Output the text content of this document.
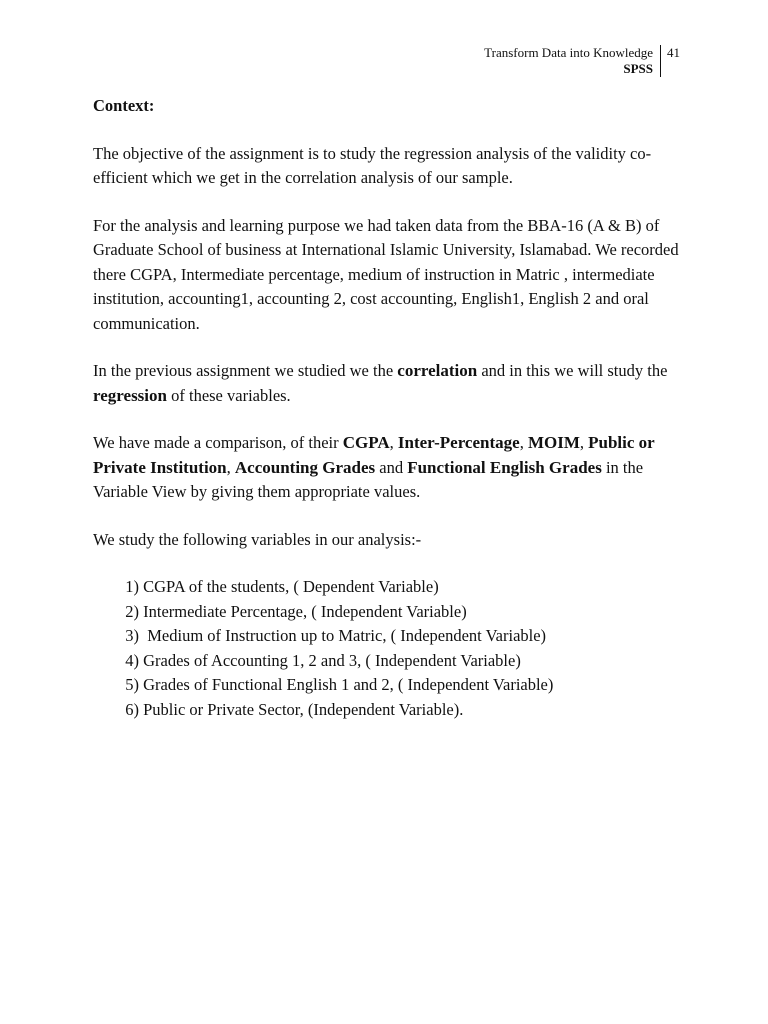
Transform Data into Knowledge
SPSS
41
Context:

The objective of the assignment is to study the regression analysis of the validity co-efficient which we get in the correlation analysis of our sample.

For the analysis and learning purpose we had taken data from the BBA-16 (A & B) of Graduate School of business at International Islamic University, Islamabad. We recorded there CGPA, Intermediate percentage, medium of instruction in Matric , intermediate institution, accounting1, accounting 2, cost accounting, English1, English 2 and oral communication.

In the previous assignment we studied we the correlation and in this we will study the regression of these variables.

We have made a comparison, of their CGPA, Inter-Percentage, MOIM, Public or Private Institution, Accounting Grades and Functional English Grades in the Variable View by giving them appropriate values.

We study the following variables in our analysis:-

1) CGPA of the students, ( Dependent Variable)
2) Intermediate Percentage, ( Independent Variable)
3) Medium of Instruction up to Matric, ( Independent Variable)
4) Grades of Accounting 1, 2 and 3, ( Independent Variable)
5) Grades of Functional English 1 and 2, ( Independent Variable)
6) Public or Private Sector, (Independent Variable).
